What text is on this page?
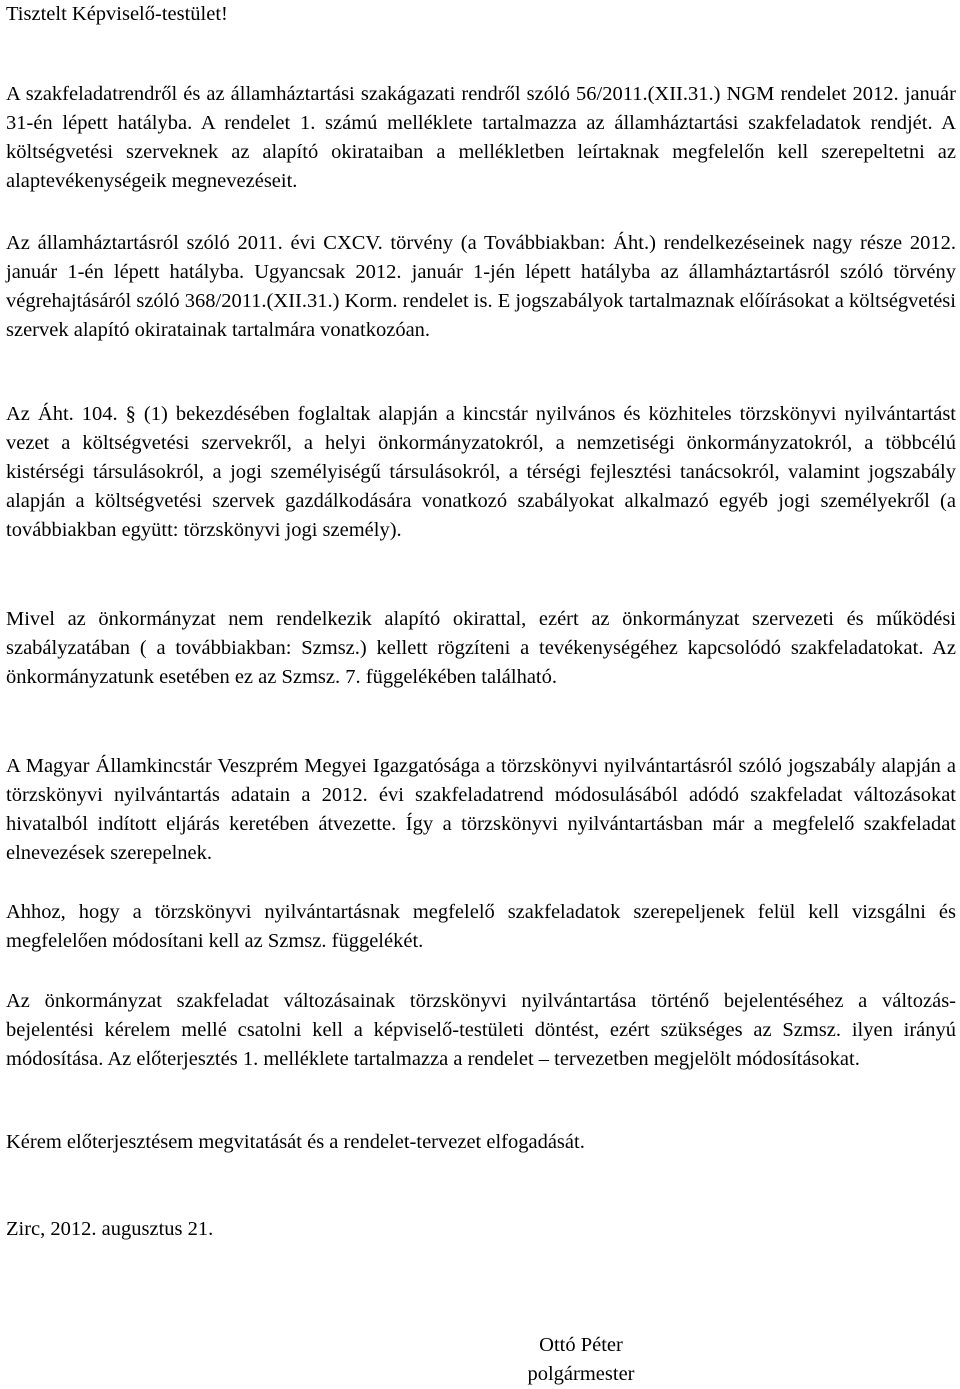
Tisztelt Képviselő-testület!

A szakfeladatrendről és az államháztartási szakágazati rendről szóló 56/2011.(XII.31.) NGM rendelet 2012. január 31-én lépett hatályba. A rendelet 1. számú melléklete tartalmazza az államháztartási szakfeladatok rendjét. A költségvetési szerveknek az alapító okirataiban a mellékletben leírtaknak megfelelőn kell szerepeltetni az alaptevékenységeik megnevezéseit.

Az államháztartásról szóló 2011. évi CXCV. törvény (a Továbbiakban: Áht.) rendelkezéseinek nagy része 2012. január 1-én lépett hatályba. Ugyancsak 2012. január 1-jén lépett hatályba az államháztartásról szóló törvény végrehajtásáról szóló 368/2011.(XII.31.) Korm. rendelet is. E jogszabályok tartalmaznak előírásokat a költségvetési szervek alapító okiratainak tartalmára vonatkozóan.

Az Áht. 104. § (1) bekezdésében foglaltak alapján a kincstár nyilvános és közhiteles törzskönyvi nyilvántartást vezet a költségvetési szervekről, a helyi önkormányzatokról, a nemzetiségi önkormányzatokról, a többcélú kistérségi társulásokról, a jogi személyiségű társulásokról, a térségi fejlesztési tanácsokról, valamint jogszabály alapján a költségvetési szervek gazdálkodására vonatkozó szabályokat alkalmazó egyéb jogi személyekről (a továbbiakban együtt: törzskönyvi jogi személy).

Mivel az önkormányzat nem rendelkezik alapító okirattal, ezért az önkormányzat szervezeti és működési szabályzatában ( a továbbiakban: Szmsz.) kellett rögzíteni a tevékenységéhez kapcsolódó szakfeladatokat. Az önkormányzatunk esetében ez az Szmsz. 7. függelékében található.

A Magyar Államkincstár Veszprém Megyei Igazgatósága a törzskönyvi nyilvántartásról szóló jogszabály alapján a törzskönyvi nyilvántartás adatain a 2012. évi szakfeladatrend módosulásából adódó szakfeladat változásokat hivatalból indított eljárás keretében átvezette. Így a törzskönyvi nyilvántartásban már a megfelelő szakfeladat elnevezések szerepelnek.

Ahhoz, hogy a törzskönyvi nyilvántartásnak megfelelő szakfeladatok szerepeljenek felül kell vizsgálni és megfelelően módosítani kell az Szmsz. függelékét.

Az önkormányzat szakfeladat változásainak törzskönyvi nyilvántartása történő bejelentéséhez a változás-bejelentési kérelem mellé csatolni kell a képviselő-testületi döntést, ezért szükséges az Szmsz. ilyen irányú módosítása. Az előterjesztés 1. melléklete tartalmazza a rendelet – tervezetben megjelölt módosításokat.

Kérem előterjesztésem megvitatását és a rendelet-tervezet elfogadását.

Zirc, 2012. augusztus 21.
Ottó Péter
polgármester
